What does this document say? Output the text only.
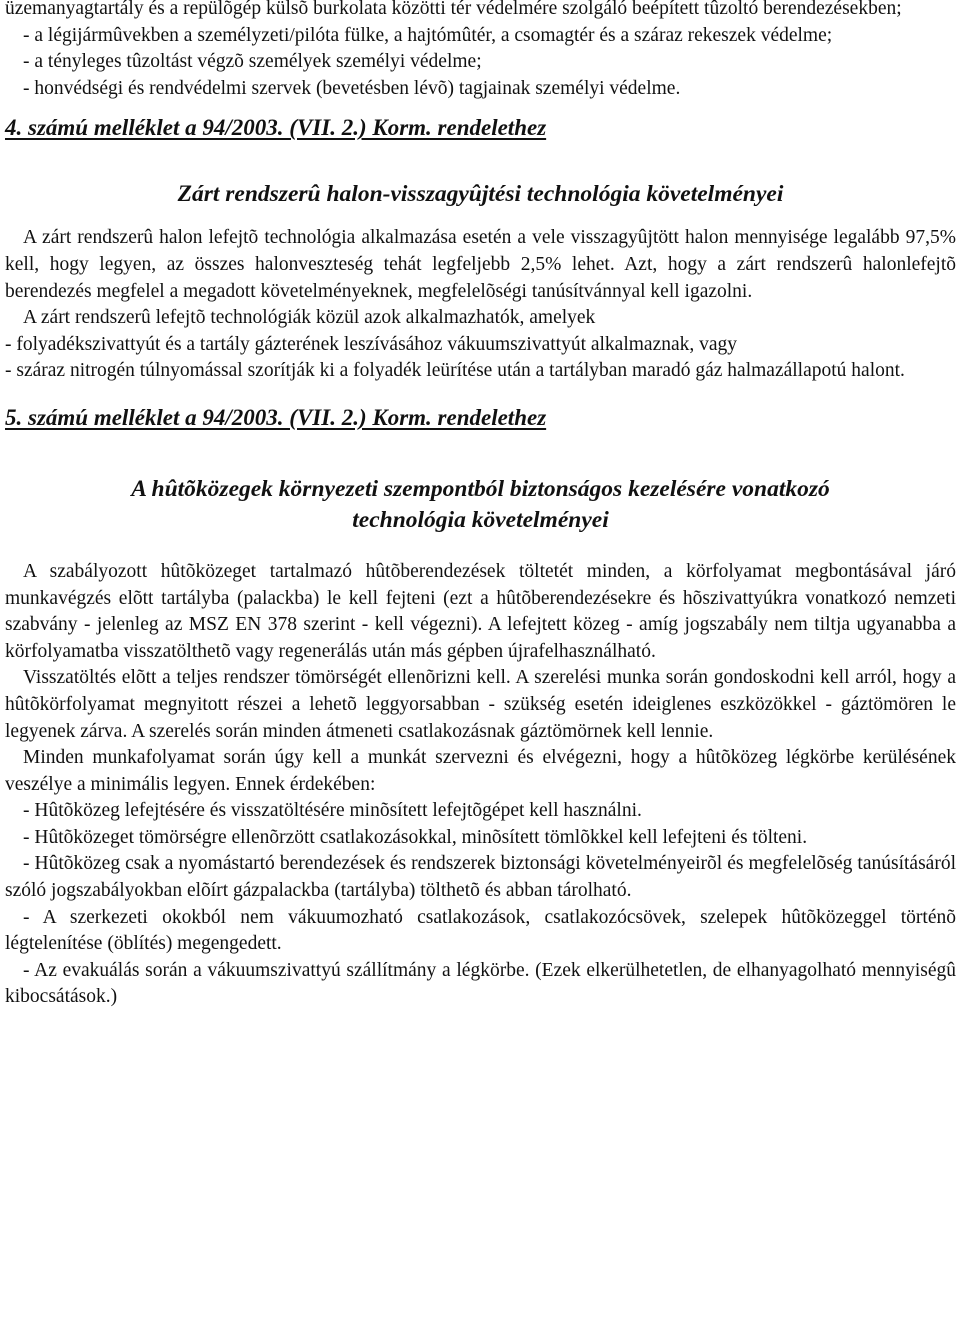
üzemanyagtartály és a repülõgép külsõ burkolata közötti tér védelmére szolgáló beépített tûzoltó berendezésekben;

- a légijármûvekben a személyzeti/pilóta fülke, a hajtómûtér, a csomagtér és a száraz rekeszek védelme;

- a tényleges tûzoltást végzõ személyek személyi védelme;

- honvédségi és rendvédelmi szervek (bevetésben lévõ) tagjainak személyi védelme.

4. számú melléklet a 94/2003. (VII. 2.) Korm. rendelethez
Zárt rendszerû halon-visszagyûjtési technológia követelményei

A zárt rendszerû halon lefejtõ technológia alkalmazása esetén a vele visszagyûjtött halon mennyisége legalább 97,5% kell, hogy legyen, az összes halonveszteség tehát legfeljebb 2,5% lehet. Azt, hogy a zárt rendszerû halonlefejtõ berendezés megfelel a megadott követelményeknek, megfelelõségi tanúsítvánnyal kell igazolni.

A zárt rendszerû lefejtõ technológiák közül azok alkalmazhatók, amelyek

- folyadékszivattyút és a tartály gázterének leszívásához vákuumszivattyút alkalmaznak, vagy

- száraz nitrogén túlnyomással szorítják ki a folyadék leürítése után a tartályban maradó gáz halmazállapotú halont.

5. számú melléklet a 94/2003. (VII. 2.) Korm. rendelethez
A hûtõközegek környezeti szempontból biztonságos kezelésére vonatkozó
technológia követelményei

A szabályozott hûtõközeget tartalmazó hûtõberendezések töltetét minden, a körfolyamat megbontásával járó munkavégzés elõtt tartályba (palackba) le kell fejteni (ezt a hûtõberendezésekre és hõszivattyúkra vonatkozó nemzeti szabvány - jelenleg az MSZ EN 378 szerint - kell végezni). A lefejtett közeg - amíg jogszabály nem tiltja ugyanabba a körfolyamatba visszatölthetõ vagy regenerálás után más gépben újrafelhasználható.

Visszatöltés elõtt a teljes rendszer tömörségét ellenõrizni kell. A szerelési munka során gondoskodni kell arról, hogy a hûtõkörfolyamat megnyitott részei a lehetõ leggyorsabban - szükség esetén ideiglenes eszközökkel - gáztömören le legyenek zárva. A szerelés során minden átmeneti csatlakozásnak gáztömörnek kell lennie.

Minden munkafolyamat során úgy kell a munkát szervezni és elvégezni, hogy a hûtõközeg légkörbe kerülésének veszélye a minimális legyen. Ennek érdekében:

- Hûtõközeg lefejtésére és visszatöltésére minõsített lefejtõgépet kell használni.

- Hûtõközeget tömörségre ellenõrzött csatlakozásokkal, minõsített tömlõkkel kell lefejteni és tölteni.

- Hûtõközeg csak a nyomástartó berendezések és rendszerek biztonsági követelményeirõl és megfelelõség tanúsításáról szóló jogszabályokban elõírt gázpalackba (tartályba) tölthetõ és abban tárolható.

- A szerkezeti okokból nem vákuumozható csatlakozások, csatlakozócsövek, szelepek hûtõközeggel történõ légtelenítése (öblítés) megengedett.

- Az evakuálás során a vákuumszivattyú szállítmány a légkörbe. (Ezek elkerülhetetlen, de elhanyagolható mennyiségû kibocsátások.)
